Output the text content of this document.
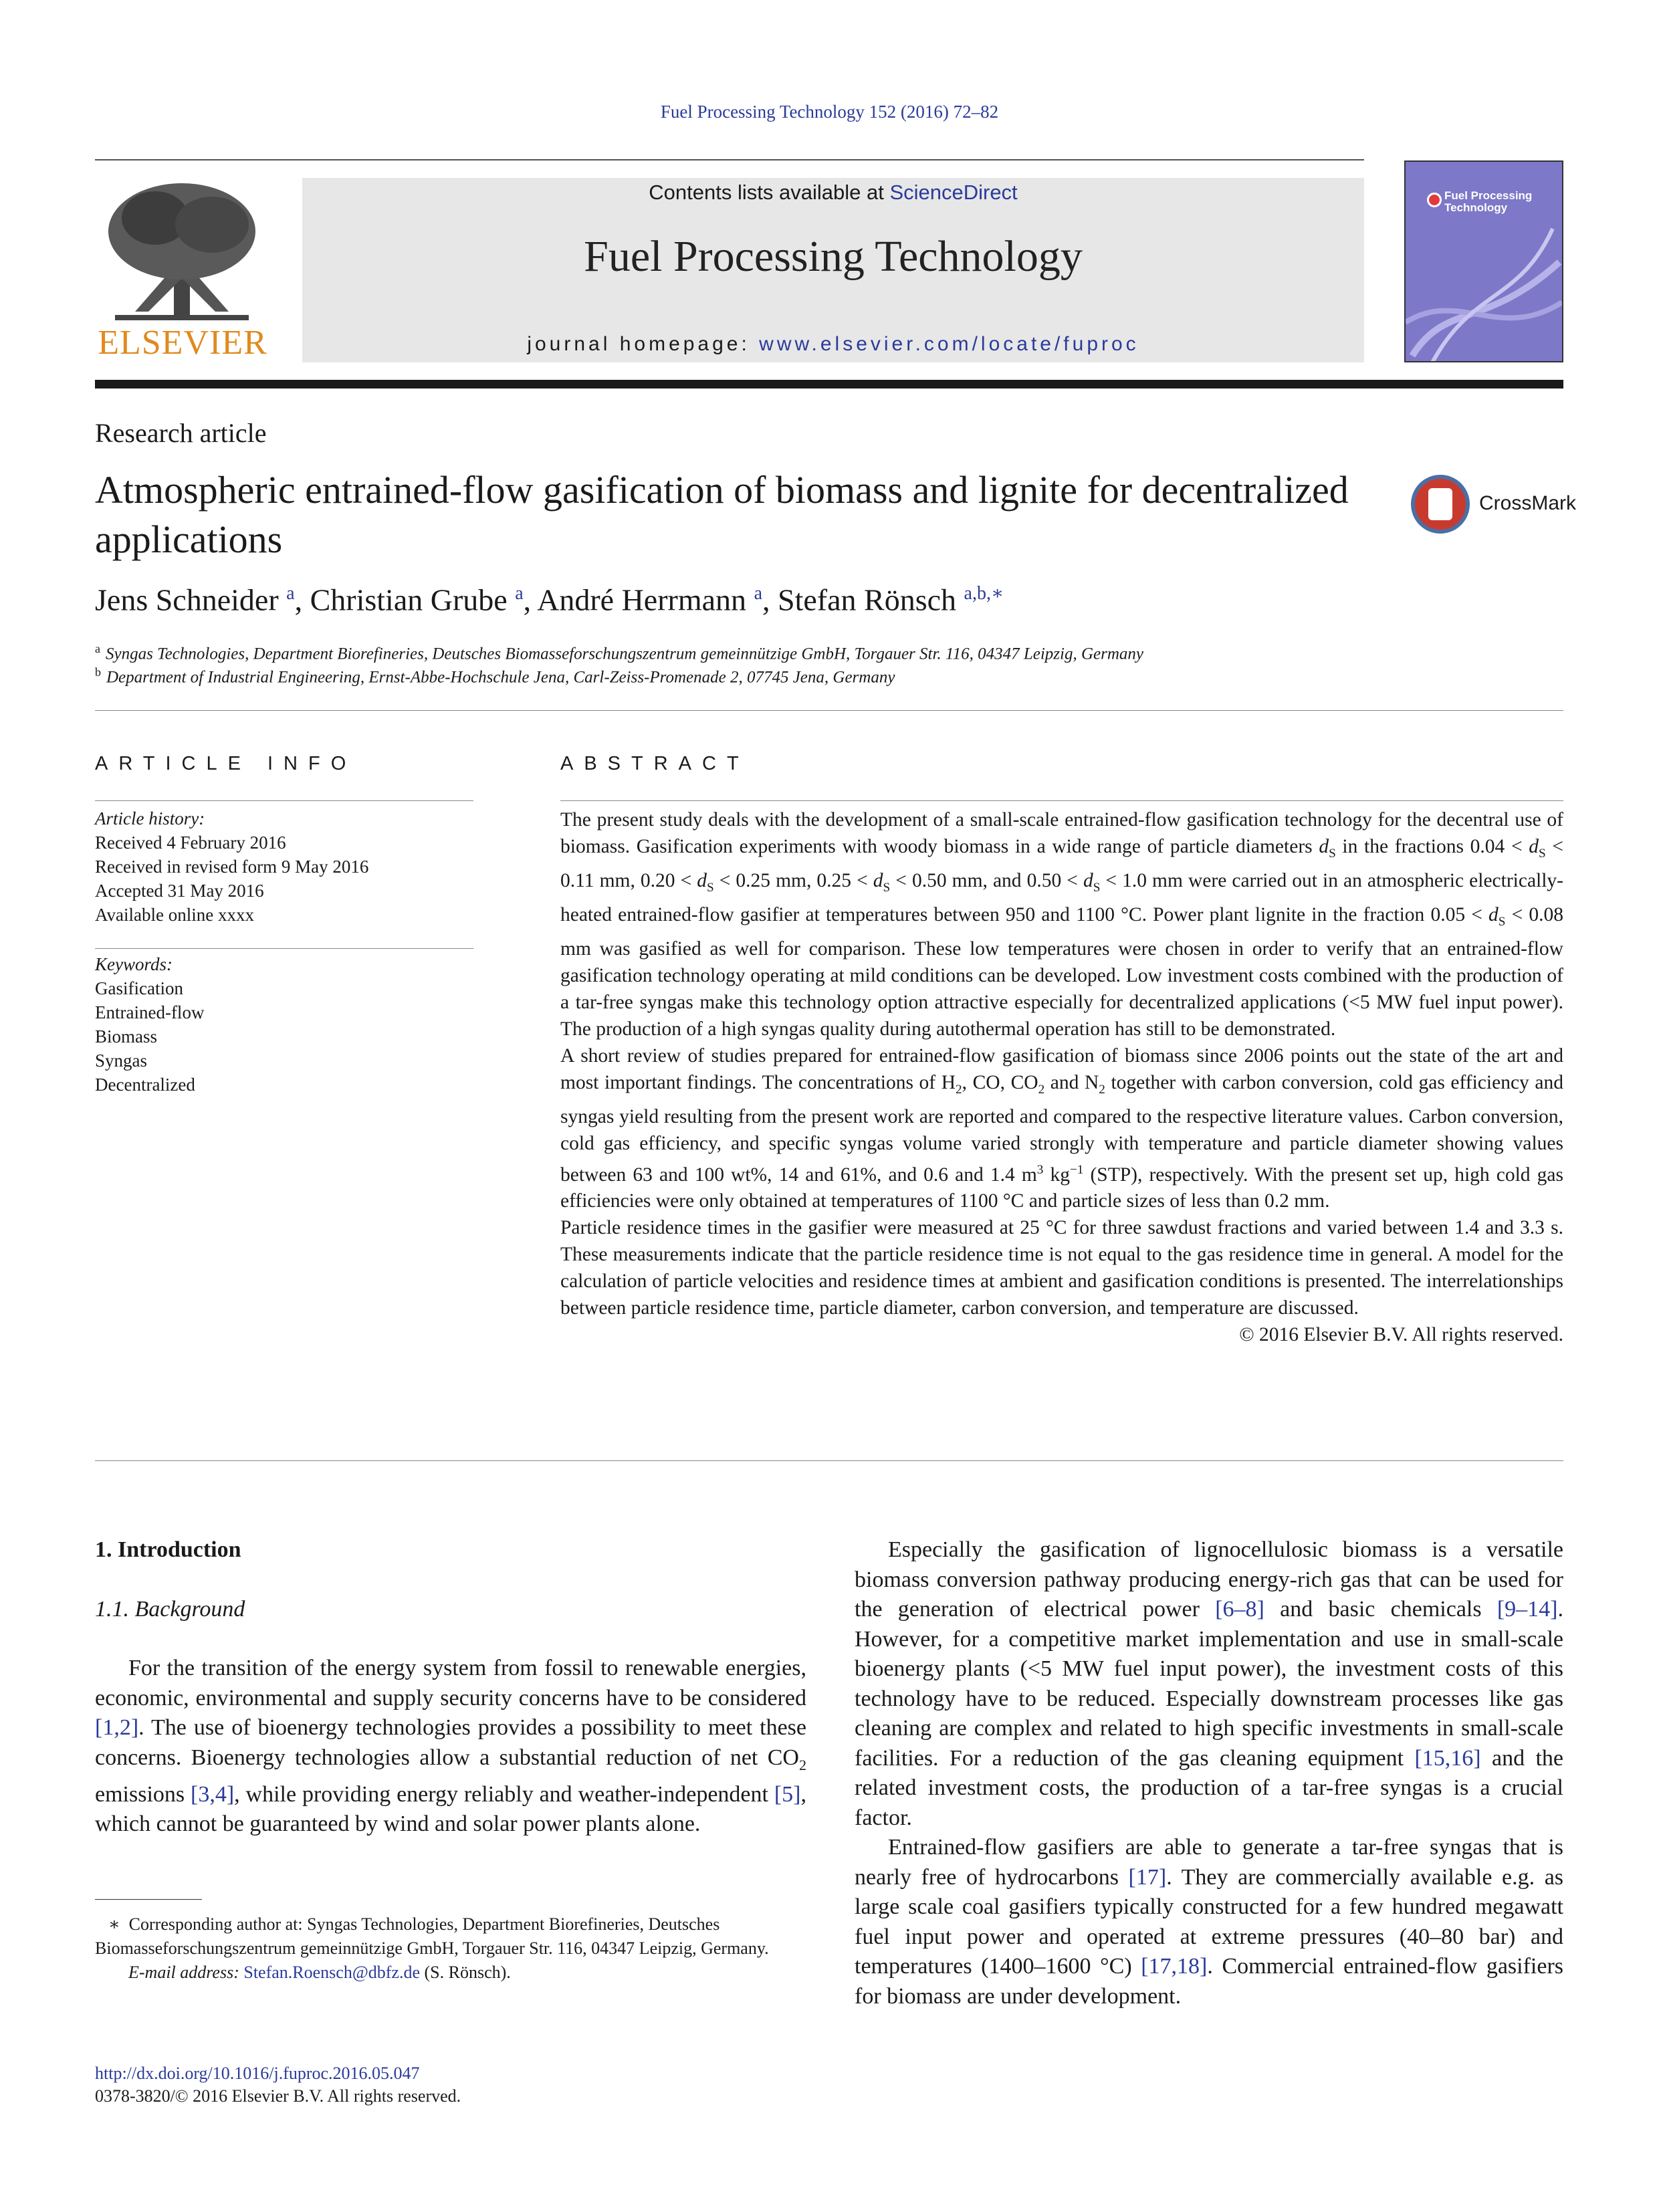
Fuel Processing Technology 152 (2016) 72–82
ELSEVIER
Contents lists available at ScienceDirect
Fuel Processing Technology
journal homepage: www.elsevier.com/locate/fuproc
Fuel Processing Technology
Research article
Atmospheric entrained-flow gasification of biomass and lignite for decentralized applications
CrossMark
Jens Schneider $^a$, Christian Grube $^a$, André Herrmann $^a$, Stefan Rönsch $^{a,b,∗}$
$^a$ Syngas Technologies, Department Biorefineries, Deutsches Biomasseforschungszentrum gemeinnützige GmbH, Torgauer Str. 116, 04347 Leipzig, Germany
$^b$ Department of Industrial Engineering, Ernst-Abbe-Hochschule Jena, Carl-Zeiss-Promenade 2, 07745 Jena, Germany
ARTICLE INFO
Article history:
Received 4 February 2016
Received in revised form 9 May 2016
Accepted 31 May 2016
Available online xxxx
Keywords:
Gasification
Entrained-flow
Biomass
Syngas
Decentralized
ABSTRACT

The present study deals with the development of a small-scale entrained-flow gasification technology for the decentral use of biomass. Gasification experiments with woody biomass in a wide range of particle diameters $d_S$ in the fractions $0.04 < d_S < 0.11$ mm, $0.20 < d_S < 0.25$ mm, $0.25 < d_S < 0.50$ mm, and $0.50 < d_S < 1.0$ mm were carried out in an atmospheric electrically-heated entrained-flow gasifier at temperatures between 950 and 1100 °C. Power plant lignite in the fraction $0.05 < d_S < 0.08$ mm was gasified as well for comparison. These low temperatures were chosen in order to verify that an entrained-flow gasification technology operating at mild conditions can be developed. Low investment costs combined with the production of a tar-free syngas make this technology option attractive especially for decentralized applications (<5 MW fuel input power). The production of a high syngas quality during autothermal operation has still to be demonstrated.

A short review of studies prepared for entrained-flow gasification of biomass since 2006 points out the state of the art and most important findings. The concentrations of $H_2$, CO, $CO_2$ and $N_2$ together with carbon conversion, cold gas efficiency and syngas yield resulting from the present work are reported and compared to the respective literature values. Carbon conversion, cold gas efficiency, and specific syngas volume varied strongly with temperature and particle diameter showing values between 63 and 100 wt%, 14 and 61%, and 0.6 and 1.4 $m^3$ $kg^{-1}$ (STP), respectively. With the present set up, high cold gas efficiencies were only obtained at temperatures of 1100 °C and particle sizes of less than 0.2 mm.

Particle residence times in the gasifier were measured at 25 °C for three sawdust fractions and varied between 1.4 and 3.3 s. These measurements indicate that the particle residence time is not equal to the gas residence time in general. A model for the calculation of particle velocities and residence times at ambient and gasification conditions is presented. The interrelationships between particle residence time, particle diameter, carbon conversion, and temperature are discussed.

© 2016 Elsevier B.V. All rights reserved.

1. Introduction
1.1. Background

For the transition of the energy system from fossil to renewable energies, economic, environmental and supply security concerns have to be considered [1,2]. The use of bioenergy technologies provides a possibility to meet these concerns. Bioenergy technologies allow a substantial reduction of net $CO_2$ emissions [3,4], while providing energy reliably and weather-independent [5], which cannot be guaranteed by wind and solar power plants alone.

Especially the gasification of lignocellulosic biomass is a versatile biomass conversion pathway producing energy-rich gas that can be used for the generation of electrical power [6–8] and basic chemicals [9–14]. However, for a competitive market implementation and use in small-scale bioenergy plants (<5 MW fuel input power), the investment costs of this technology have to be reduced. Especially downstream processes like gas cleaning are complex and related to high specific investments in small-scale facilities. For a reduction of the gas cleaning equipment [15,16] and the related investment costs, the production of a tar-free syngas is a crucial factor.

Entrained-flow gasifiers are able to generate a tar-free syngas that is nearly free of hydrocarbons [17]. They are commercially available e.g. as large scale coal gasifiers typically constructed for a few hundred megawatt fuel input power and operated at extreme pressures (40–80 bar) and temperatures (1400–1600 °C) [17,18]. Commercial entrained-flow gasifiers for biomass are under development.

∗ Corresponding author at: Syngas Technologies, Department Biorefineries, Deutsches Biomasseforschungszentrum gemeinnützige GmbH, Torgauer Str. 116, 04347 Leipzig, Germany.
E-mail address: Stefan.Roensch@dbfz.de (S. Rönsch).
http://dx.doi.org/10.1016/j.fuproc.2016.05.047
0378-3820/© 2016 Elsevier B.V. All rights reserved.
